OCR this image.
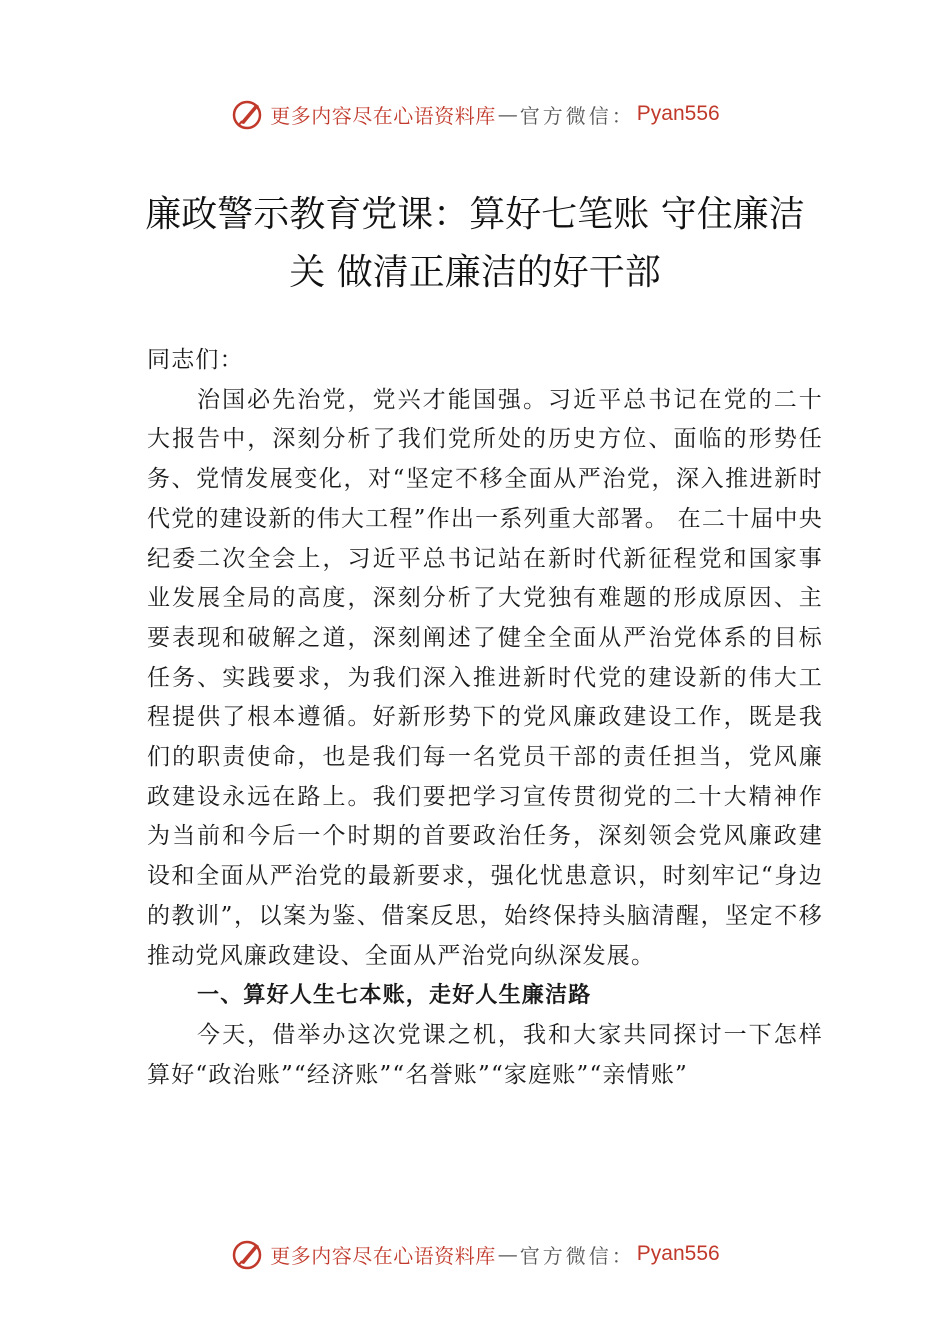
更多内容尽在心语资料库 — 官方微信： Pyan556
廉政警示教育党课：算好七笔账 守住廉洁关 做清正廉洁的好干部

同志们：

治国必先治党，党兴才能国强。习近平总书记在党的二十大报告中，深刻分析了我们党所处的历史方位、面临的形势任务、党情发展变化，对“坚定不移全面从严治党，深入推进新时代党的建设新的伟大工程”作出一系列重大部署。 在二十届中央纪委二次全会上，习近平总书记站在新时代新征程党和国家事业发展全局的高度，深刻分析了大党独有难题的形成原因、主要表现和破解之道，深刻阐述了健全全面从严治党体系的目标任务、实践要求，为我们深入推进新时代党的建设新的伟大工程提供了根本遵循。好新形势下的党风廉政建设工作，既是我们的职责使命，也是我们每一名党员干部的责任担当，党风廉政建设永远在路上。我们要把学习宣传贯彻党的二十大精神作为当前和今后一个时期的首要政治任务，深刻领会党风廉政建设和全面从严治党的最新要求，强化忧患意识，时刻牢记“身边的教训”，以案为鉴、借案反思，始终保持头脑清醒，坚定不移推动党风廉政建设、全面从严治党向纵深发展。

一、算好人生七本账，走好人生廉洁路

今天，借举办这次党课之机，我和大家共同探讨一下怎样算好“政治账”“经济账”“名誉账”“家庭账”“亲情账”

更多内容尽在心语资料库 — 官方微信： Pyan556
